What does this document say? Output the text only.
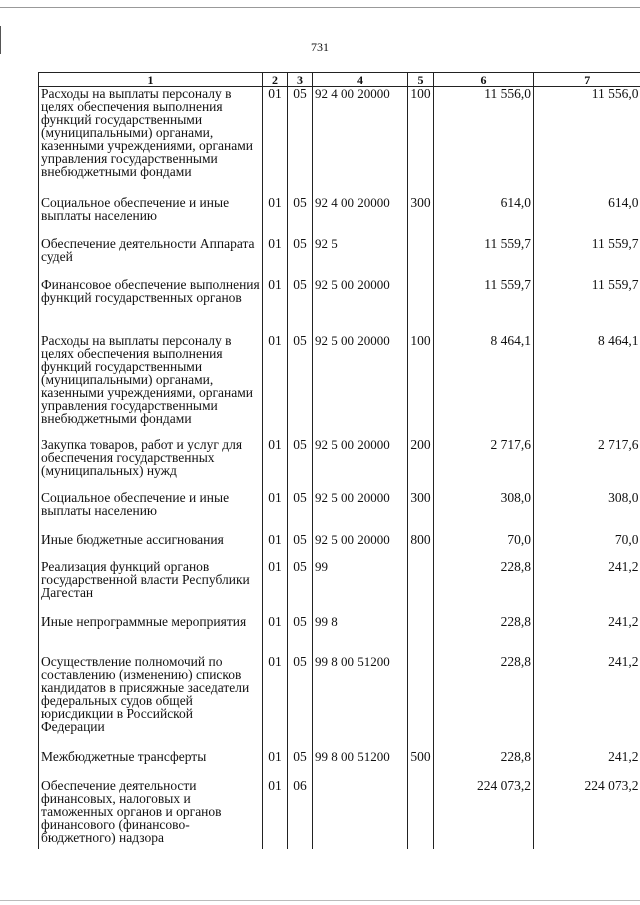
731
1	2	3	4	5	6	7
Расходы на выплаты персоналу в целях обеспечения выполнения функций государственными (муниципальными) органами, казенными учреждениями, органами управления государственными внебюджетными фондами	01	05	92 4 00 20000	100	11 556,0	11 556,0
Социальное обеспечение и иные выплаты населению	01	05	92 4 00 20000	300	614,0	614,0
Обеспечение деятельности Аппарата судей	01	05	92 5		11 559,7	11 559,7
Финансовое обеспечение выполнения функций государственных органов	01	05	92 5 00 20000		11 559,7	11 559,7
Расходы на выплаты персоналу в целях обеспечения выполнения функций государственными (муниципальными) органами, казенными учреждениями, органами управления государственными внебюджетными фондами	01	05	92 5 00 20000	100	8 464,1	8 464,1
Закупка товаров, работ и услуг для обеспечения государственных (муниципальных) нужд	01	05	92 5 00 20000	200	2 717,6	2 717,6
Социальное обеспечение и иные выплаты населению	01	05	92 5 00 20000	300	308,0	308,0
Иные бюджетные ассигнования	01	05	92 5 00 20000	800	70,0	70,0
Реализация функций органов государственной власти Республики Дагестан	01	05	99		228,8	241,2
Иные непрограммные мероприятия	01	05	99 8		228,8	241,2
Осуществление полномочий по составлению (изменению) списков кандидатов в присяжные заседатели федеральных судов общей юрисдикции в Российской Федерации	01	05	99 8 00 51200		228,8	241,2
Межбюджетные трансферты	01	05	99 8 00 51200	500	228,8	241,2
Обеспечение деятельности финансовых, налоговых и таможенных органов и органов финансового (финансово-бюджетного) надзора	01	06			224 073,2	224 073,2
